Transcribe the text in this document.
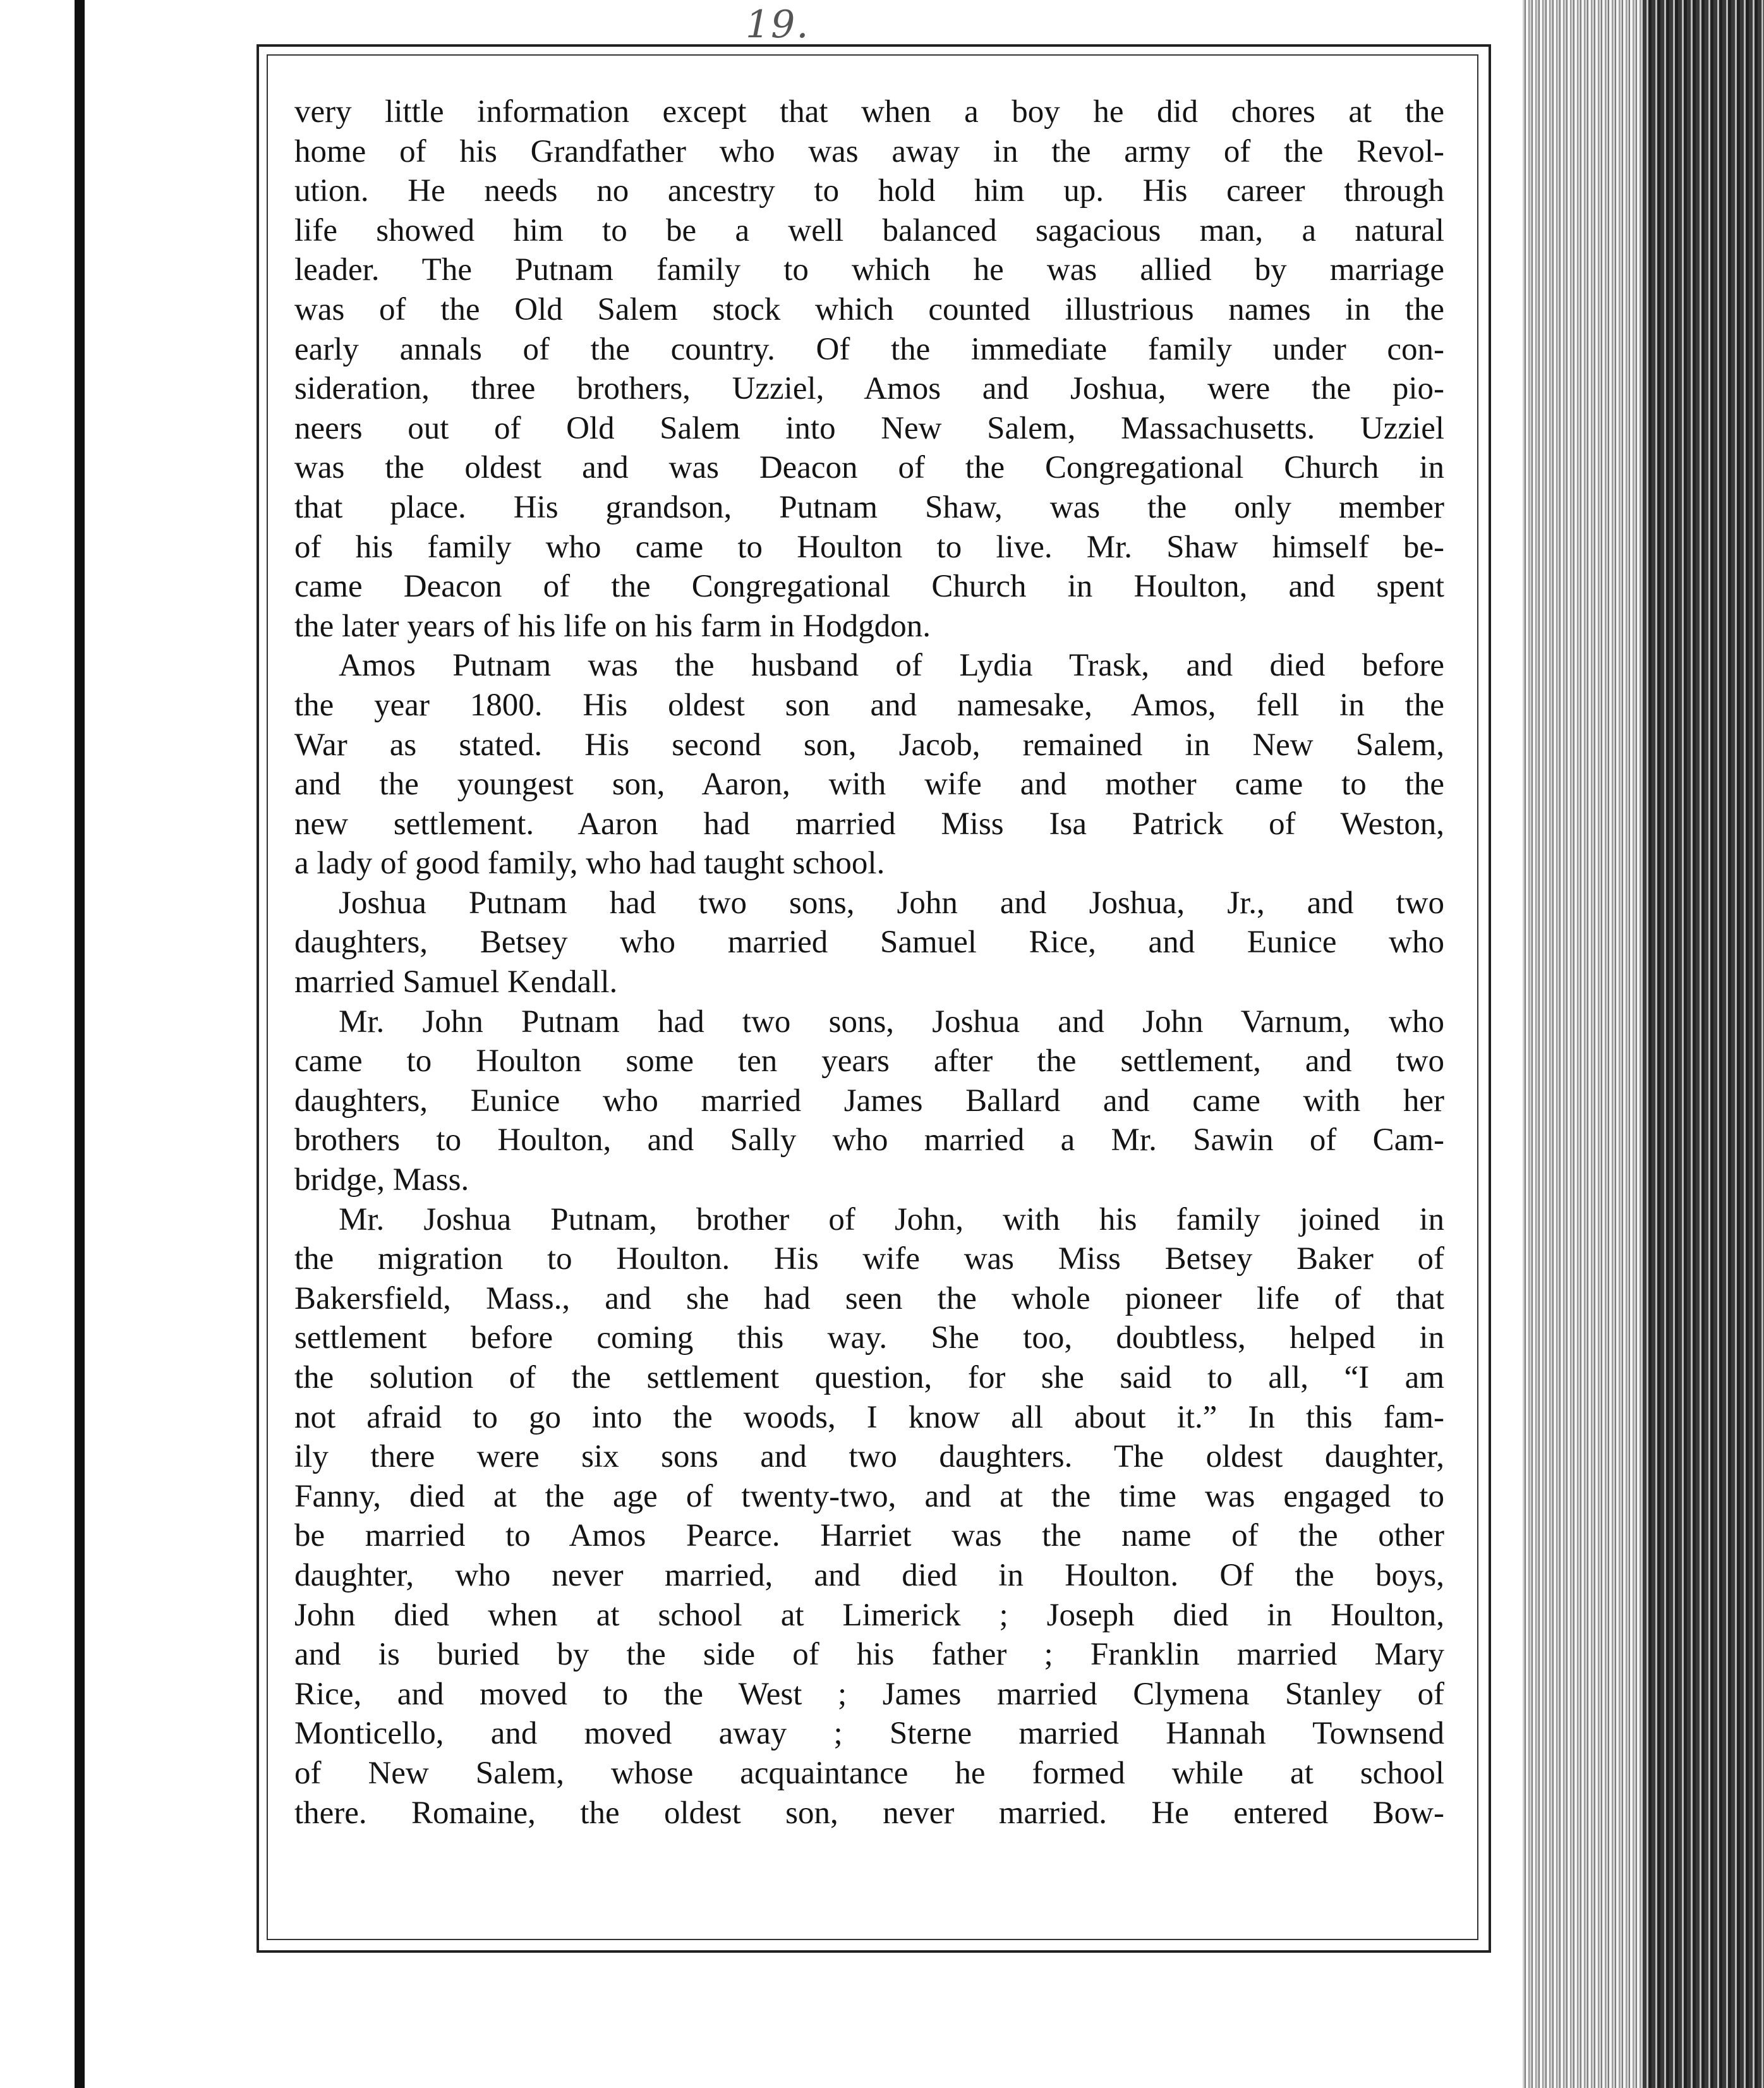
19.
very little information except that when a boy he did chores at the
home of his Grandfather who was away in the army of the Revol-
ution. He needs no ancestry to hold him up. His career through
life showed him to be a well balanced sagacious man, a natural
leader. The Putnam family to which he was allied by marriage
was of the Old Salem stock which counted illustrious names in the
early annals of the country. Of the immediate family under con-
sideration, three brothers, Uzziel, Amos and Joshua, were the pio-
neers out of Old Salem into New Salem, Massachusetts. Uzziel
was the oldest and was Deacon of the Congregational Church in
that place. His grandson, Putnam Shaw, was the only member
of his family who came to Houlton to live. Mr. Shaw himself be-
came Deacon of the Congregational Church in Houlton, and spent
the later years of his life on his farm in Hodgdon.
Amos Putnam was the husband of Lydia Trask, and died before
the year 1800. His oldest son and namesake, Amos, fell in the
War as stated. His second son, Jacob, remained in New Salem,
and the youngest son, Aaron, with wife and mother came to the
new settlement. Aaron had married Miss Isa Patrick of Weston,
a lady of good family, who had taught school.
Joshua Putnam had two sons, John and Joshua, Jr., and two
daughters, Betsey who married Samuel Rice, and Eunice who
married Samuel Kendall.
Mr. John Putnam had two sons, Joshua and John Varnum, who
came to Houlton some ten years after the settlement, and two
daughters, Eunice who married James Ballard and came with her
brothers to Houlton, and Sally who married a Mr. Sawin of Cam-
bridge, Mass.
Mr. Joshua Putnam, brother of John, with his family joined in
the migration to Houlton. His wife was Miss Betsey Baker of
Bakersfield, Mass., and she had seen the whole pioneer life of that
settlement before coming this way. She too, doubtless, helped in
the solution of the settlement question, for she said to all, “I am
not afraid to go into the woods, I know all about it.” In this fam-
ily there were six sons and two daughters. The oldest daughter,
Fanny, died at the age of twenty-two, and at the time was engaged to
be married to Amos Pearce. Harriet was the name of the other
daughter, who never married, and died in Houlton. Of the boys,
John died when at school at Limerick ; Joseph died in Houlton,
and is buried by the side of his father ; Franklin married Mary
Rice, and moved to the West ; James married Clymena Stanley of
Monticello, and moved away ; Sterne married Hannah Townsend
of New Salem, whose acquaintance he formed while at school
there. Romaine, the oldest son, never married. He entered Bow-
